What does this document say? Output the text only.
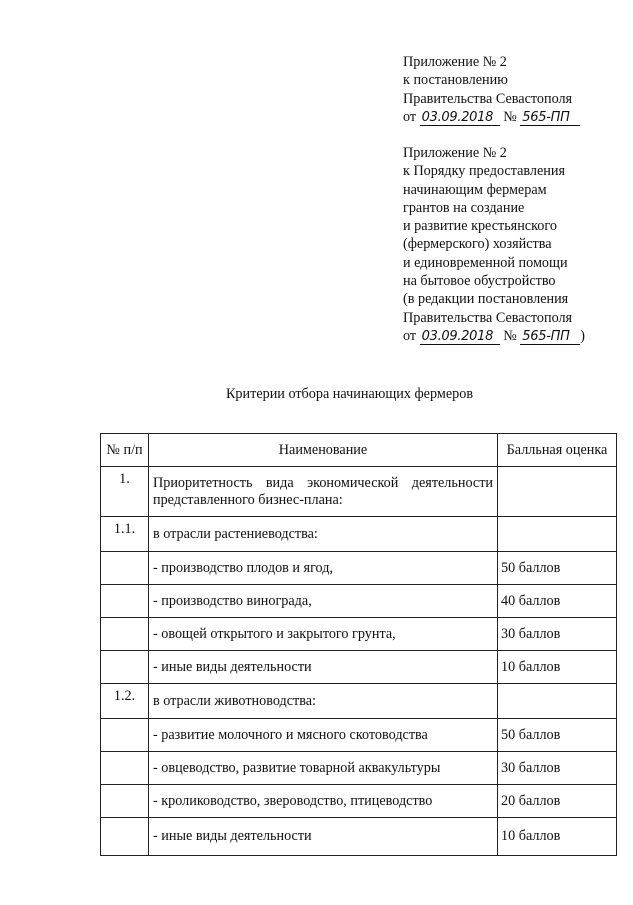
Приложение № 2
к постановлению
Правительства Севастополя
от 03.09.2018 № 565-ПП
Приложение № 2
к Порядку предоставления
начинающим фермерам
грантов на создание
и развитие крестьянского
(фермерского) хозяйства
и единовременной помощи
на бытовое обустройство
(в редакции постановления
Правительства Севастополя
от 03.09.2018 № 565-ПП )
Критерии отбора начинающих фермеров
№ п/п	Наименование	Балльная оценка
1.	Приоритетность вида экономической деятельности представленного бизнес-плана:	
1.1.	в отрасли растениеводства:	
	- производство плодов и ягод,	50 баллов
	- производство винограда,	40 баллов
	- овощей открытого и закрытого грунта,	30 баллов
	- иные виды деятельности	10 баллов
1.2.	в отрасли животноводства:	
	- развитие молочного и мясного скотоводства	50 баллов
	- овцеводство, развитие товарной аквакультуры	30 баллов
	- кролиководство, звероводство, птицеводство	20 баллов
	- иные виды деятельности	10 баллов
